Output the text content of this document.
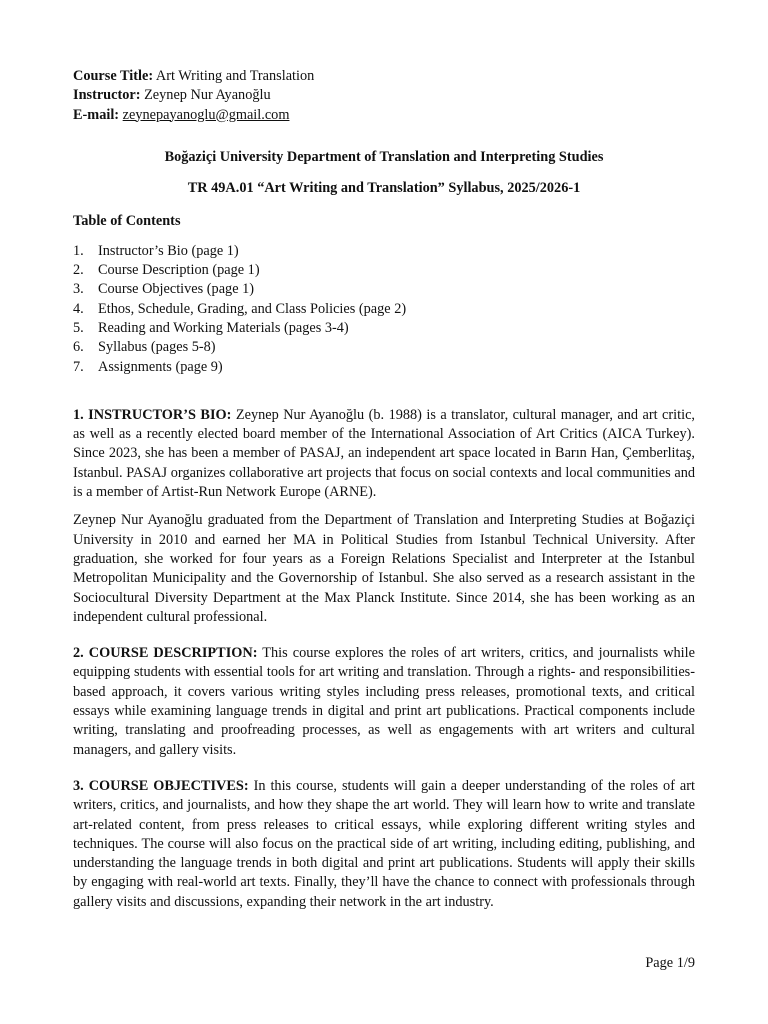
Course Title: Art Writing and Translation

Instructor: Zeynep Nur Ayanoğlu

E-mail: zeynepayanoglu@gmail.com

Boğaziçi University Department of Translation and Interpreting Studies

TR 49A.01 “Art Writing and Translation” Syllabus, 2025/2026-1

Table of Contents

1. Instructor’s Bio (page 1)
2. Course Description (page 1)
3. Course Objectives (page 1)
4. Ethos, Schedule, Grading, and Class Policies (page 2)
5. Reading and Working Materials (pages 3-4)
6. Syllabus (pages 5-8)
7. Assignments (page 9)

1. INSTRUCTOR’S BIO: Zeynep Nur Ayanoğlu (b. 1988) is a translator, cultural manager, and art critic, as well as a recently elected board member of the International Association of Art Critics (AICA Turkey). Since 2023, she has been a member of PASAJ, an independent art space located in Barın Han, Çemberlitaş, Istanbul. PASAJ organizes collaborative art projects that focus on social contexts and local communities and is a member of Artist-Run Network Europe (ARNE).

Zeynep Nur Ayanoğlu graduated from the Department of Translation and Interpreting Studies at Boğaziçi University in 2010 and earned her MA in Political Studies from Istanbul Technical University. After graduation, she worked for four years as a Foreign Relations Specialist and Interpreter at the Istanbul Metropolitan Municipality and the Governorship of Istanbul. She also served as a research assistant in the Sociocultural Diversity Department at the Max Planck Institute. Since 2014, she has been working as an independent cultural professional.

2. COURSE DESCRIPTION: This course explores the roles of art writers, critics, and journalists while equipping students with essential tools for art writing and translation. Through a rights- and responsibilities-based approach, it covers various writing styles including press releases, promotional texts, and critical essays while examining language trends in digital and print art publications. Practical components include writing, translating and proofreading processes, as well as engagements with art writers and cultural managers, and gallery visits.

3. COURSE OBJECTIVES: In this course, students will gain a deeper understanding of the roles of art writers, critics, and journalists, and how they shape the art world. They will learn how to write and translate art-related content, from press releases to critical essays, while exploring different writing styles and techniques. The course will also focus on the practical side of art writing, including editing, publishing, and understanding the language trends in both digital and print art publications. Students will apply their skills by engaging with real-world art texts. Finally, they’ll have the chance to connect with professionals through gallery visits and discussions, expanding their network in the art industry.

Page 1/9
